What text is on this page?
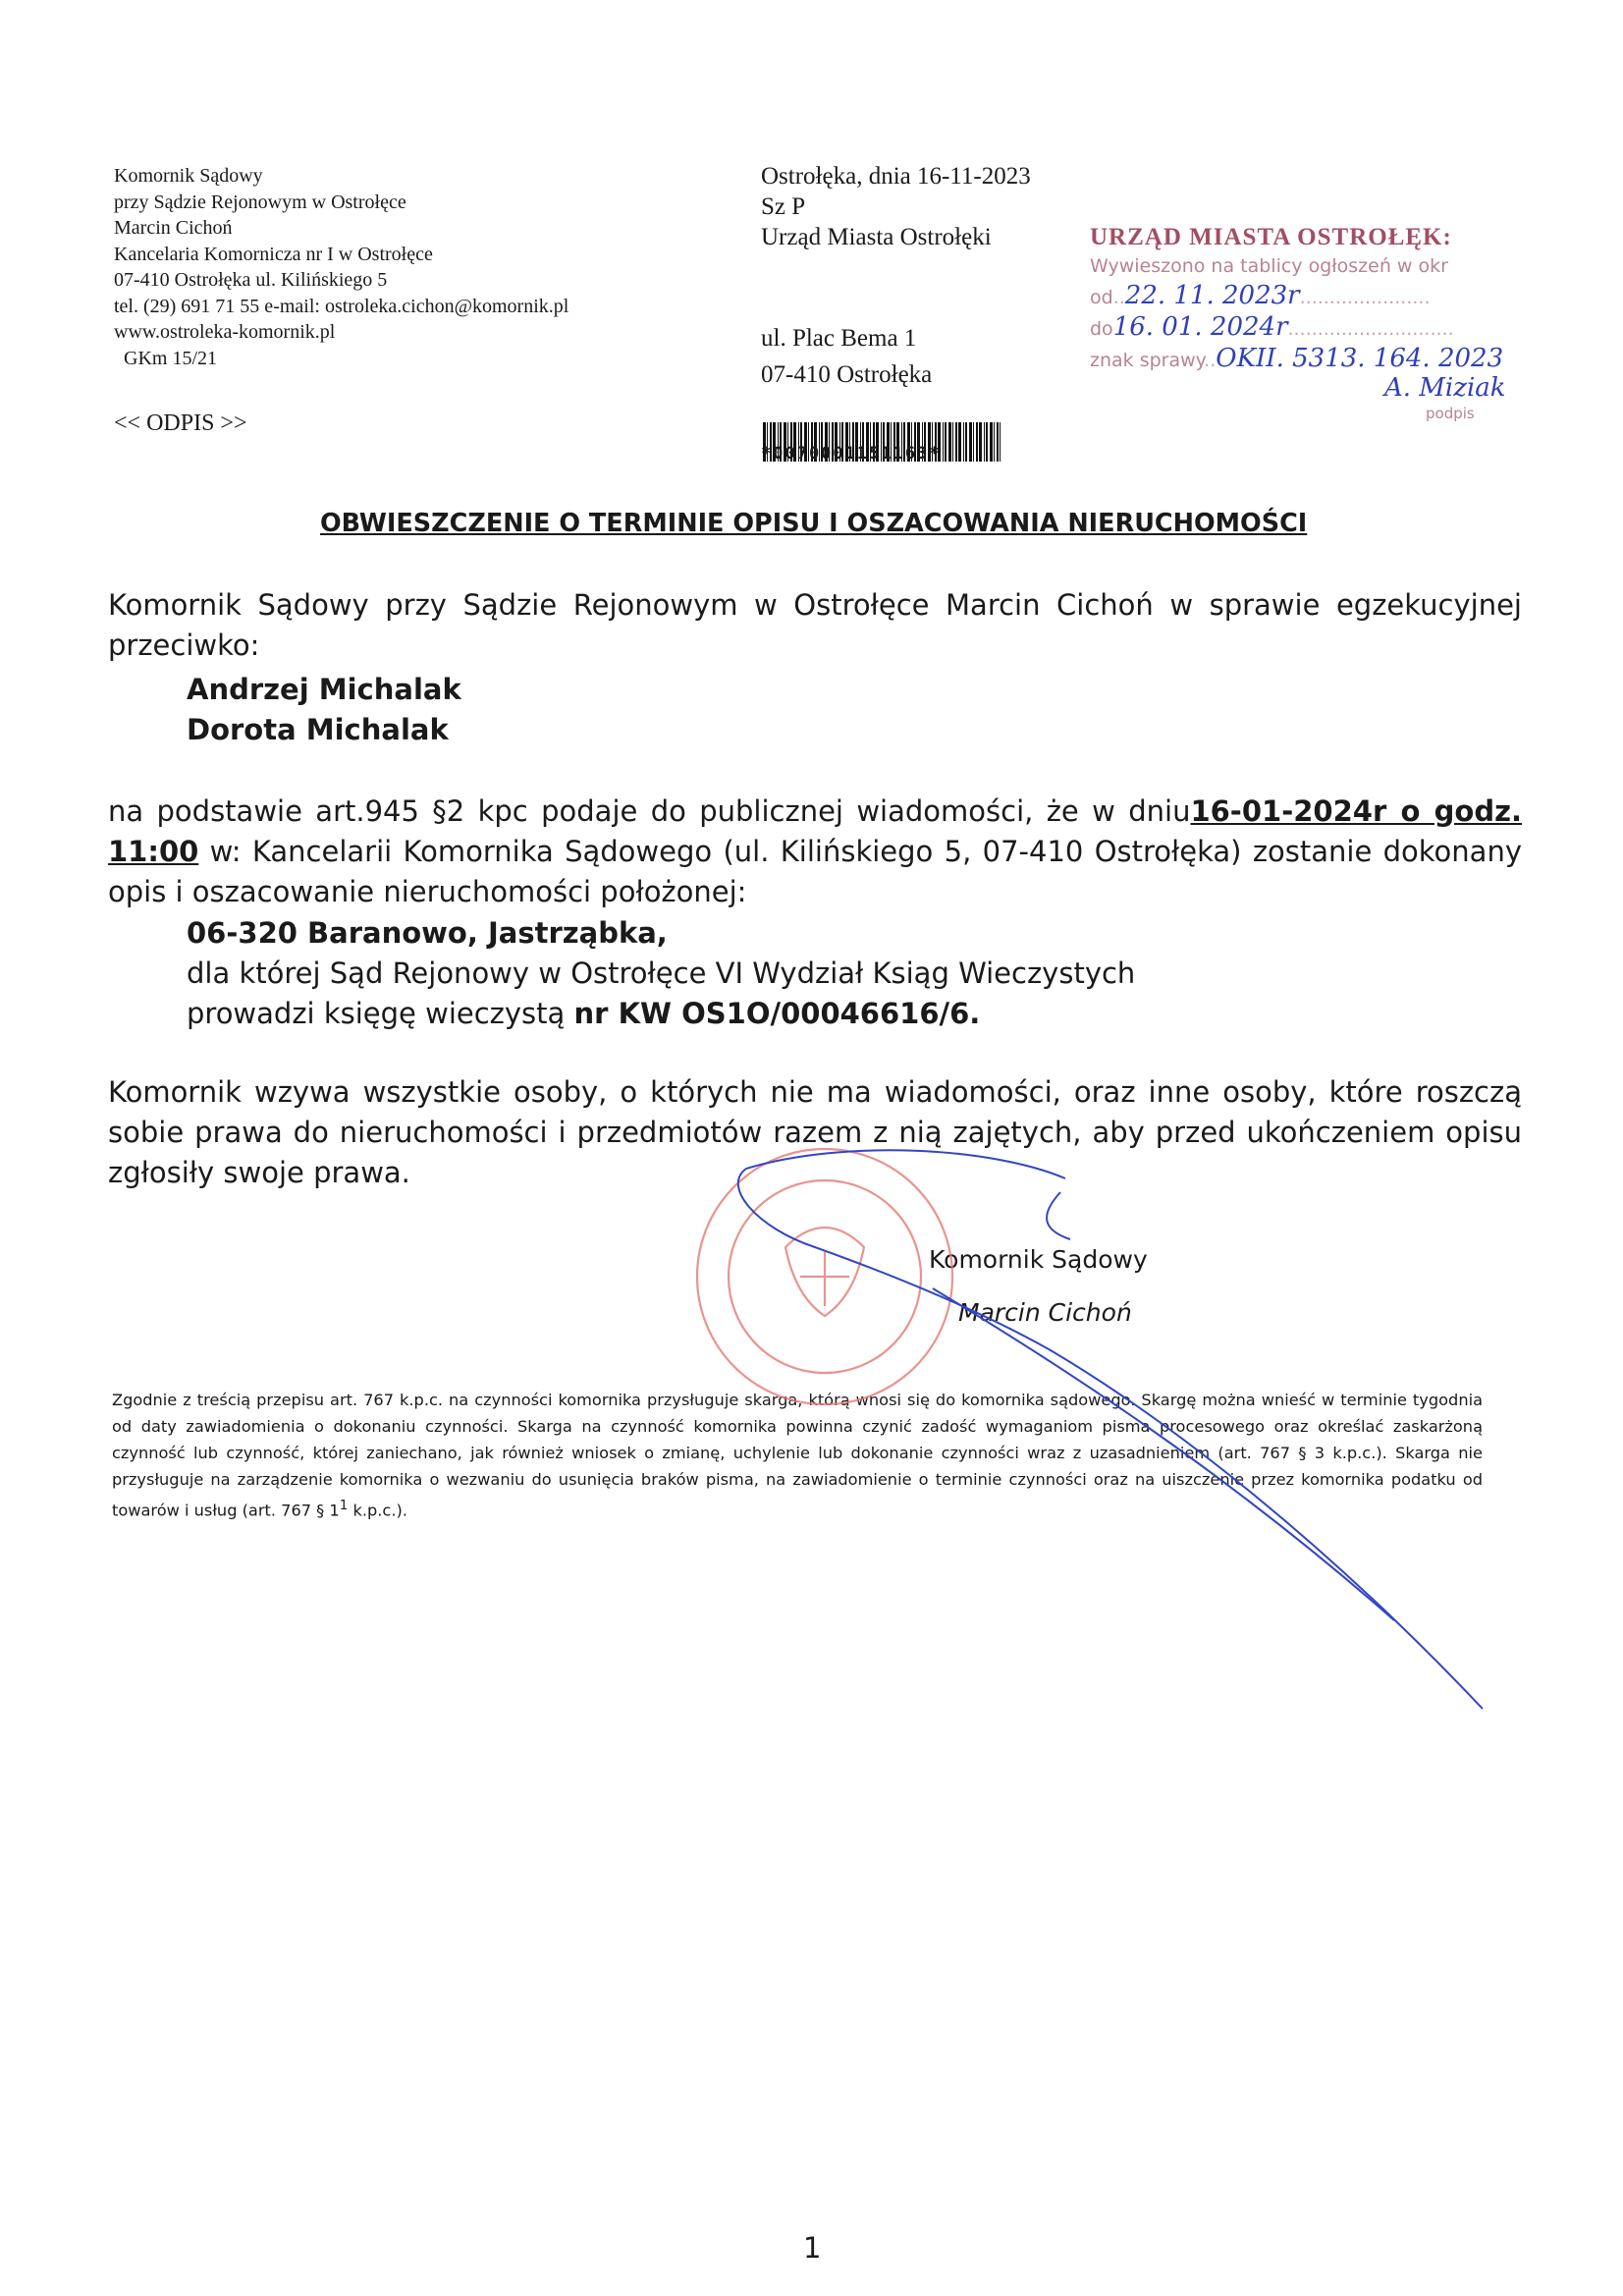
Komornik Sądowy
przy Sądzie Rejonowym w Ostrołęce
Marcin Cichoń
Kancelaria Komornicza nr I w Ostrołęce
07-410 Ostrołęka ul. Kilińskiego 5
tel. (29) 691 71 55 e-mail: ostroleka.cichon@komornik.pl
www.ostroleka-komornik.pl
GKm 15/21
<< ODPIS >>
Ostrołęka, dnia 16-11-2023
Sz P
Urząd Miasta Ostrołęki
ul. Plac Bema 1
07-410 Ostrołęka
*0070001151163*
URZĄD MIASTA OSTROŁĘK:
Wywieszono na tablicy ogłoszeń w okr
od..22. 11. 2023r......................
do16. 01. 2024r............................
znak sprawy..OKII. 5313. 164. 2023
A. Miziak
podpis
OBWIESZCZENIE O TERMINIE OPISU I OSZACOWANIA NIERUCHOMOŚCI
Komornik Sądowy przy Sądzie Rejonowym w Ostrołęce Marcin Cichoń w sprawie egzekucyjnej przeciwko:
Andrzej Michalak
Dorota Michalak
na podstawie art.945 §2 kpc podaje do publicznej wiadomości, że w dniu16-01-2024r o godz. 11:00 w: Kancelarii Komornika Sądowego (ul. Kilińskiego 5, 07-410 Ostrołęka) zostanie dokonany opis i oszacowanie nieruchomości położonej:
06-320 Baranowo, Jastrząbka,
dla której Sąd Rejonowy w Ostrołęce VI Wydział Ksiąg Wieczystych
prowadzi księgę wieczystą nr KW OS1O/00046616/6.
Komornik wzywa wszystkie osoby, o których nie ma wiadomości, oraz inne osoby, które roszczą sobie prawa do nieruchomości i przedmiotów razem z nią zajętych, aby przed ukończeniem opisu zgłosiły swoje prawa.
Komornik Sądowy
Marcin Cichoń
Zgodnie z treścią przepisu art. 767 k.p.c. na czynności komornika przysługuje skarga, którą wnosi się do komornika sądowego. Skargę można wnieść w terminie tygodnia od daty zawiadomienia o dokonaniu czynności. Skarga na czynność komornika powinna czynić zadość wymaganiom pisma procesowego oraz określać zaskarżoną czynność lub czynność, której zaniechano, jak również wniosek o zmianę, uchylenie lub dokonanie czynności wraz z uzasadnieniem (art. 767 § 3 k.p.c.). Skarga nie przysługuje na zarządzenie komornika o wezwaniu do usunięcia braków pisma, na zawiadomienie o terminie czynności oraz na uiszczenie przez komornika podatku od towarów i usług (art. 767 § $1^1$ k.p.c.).
1
